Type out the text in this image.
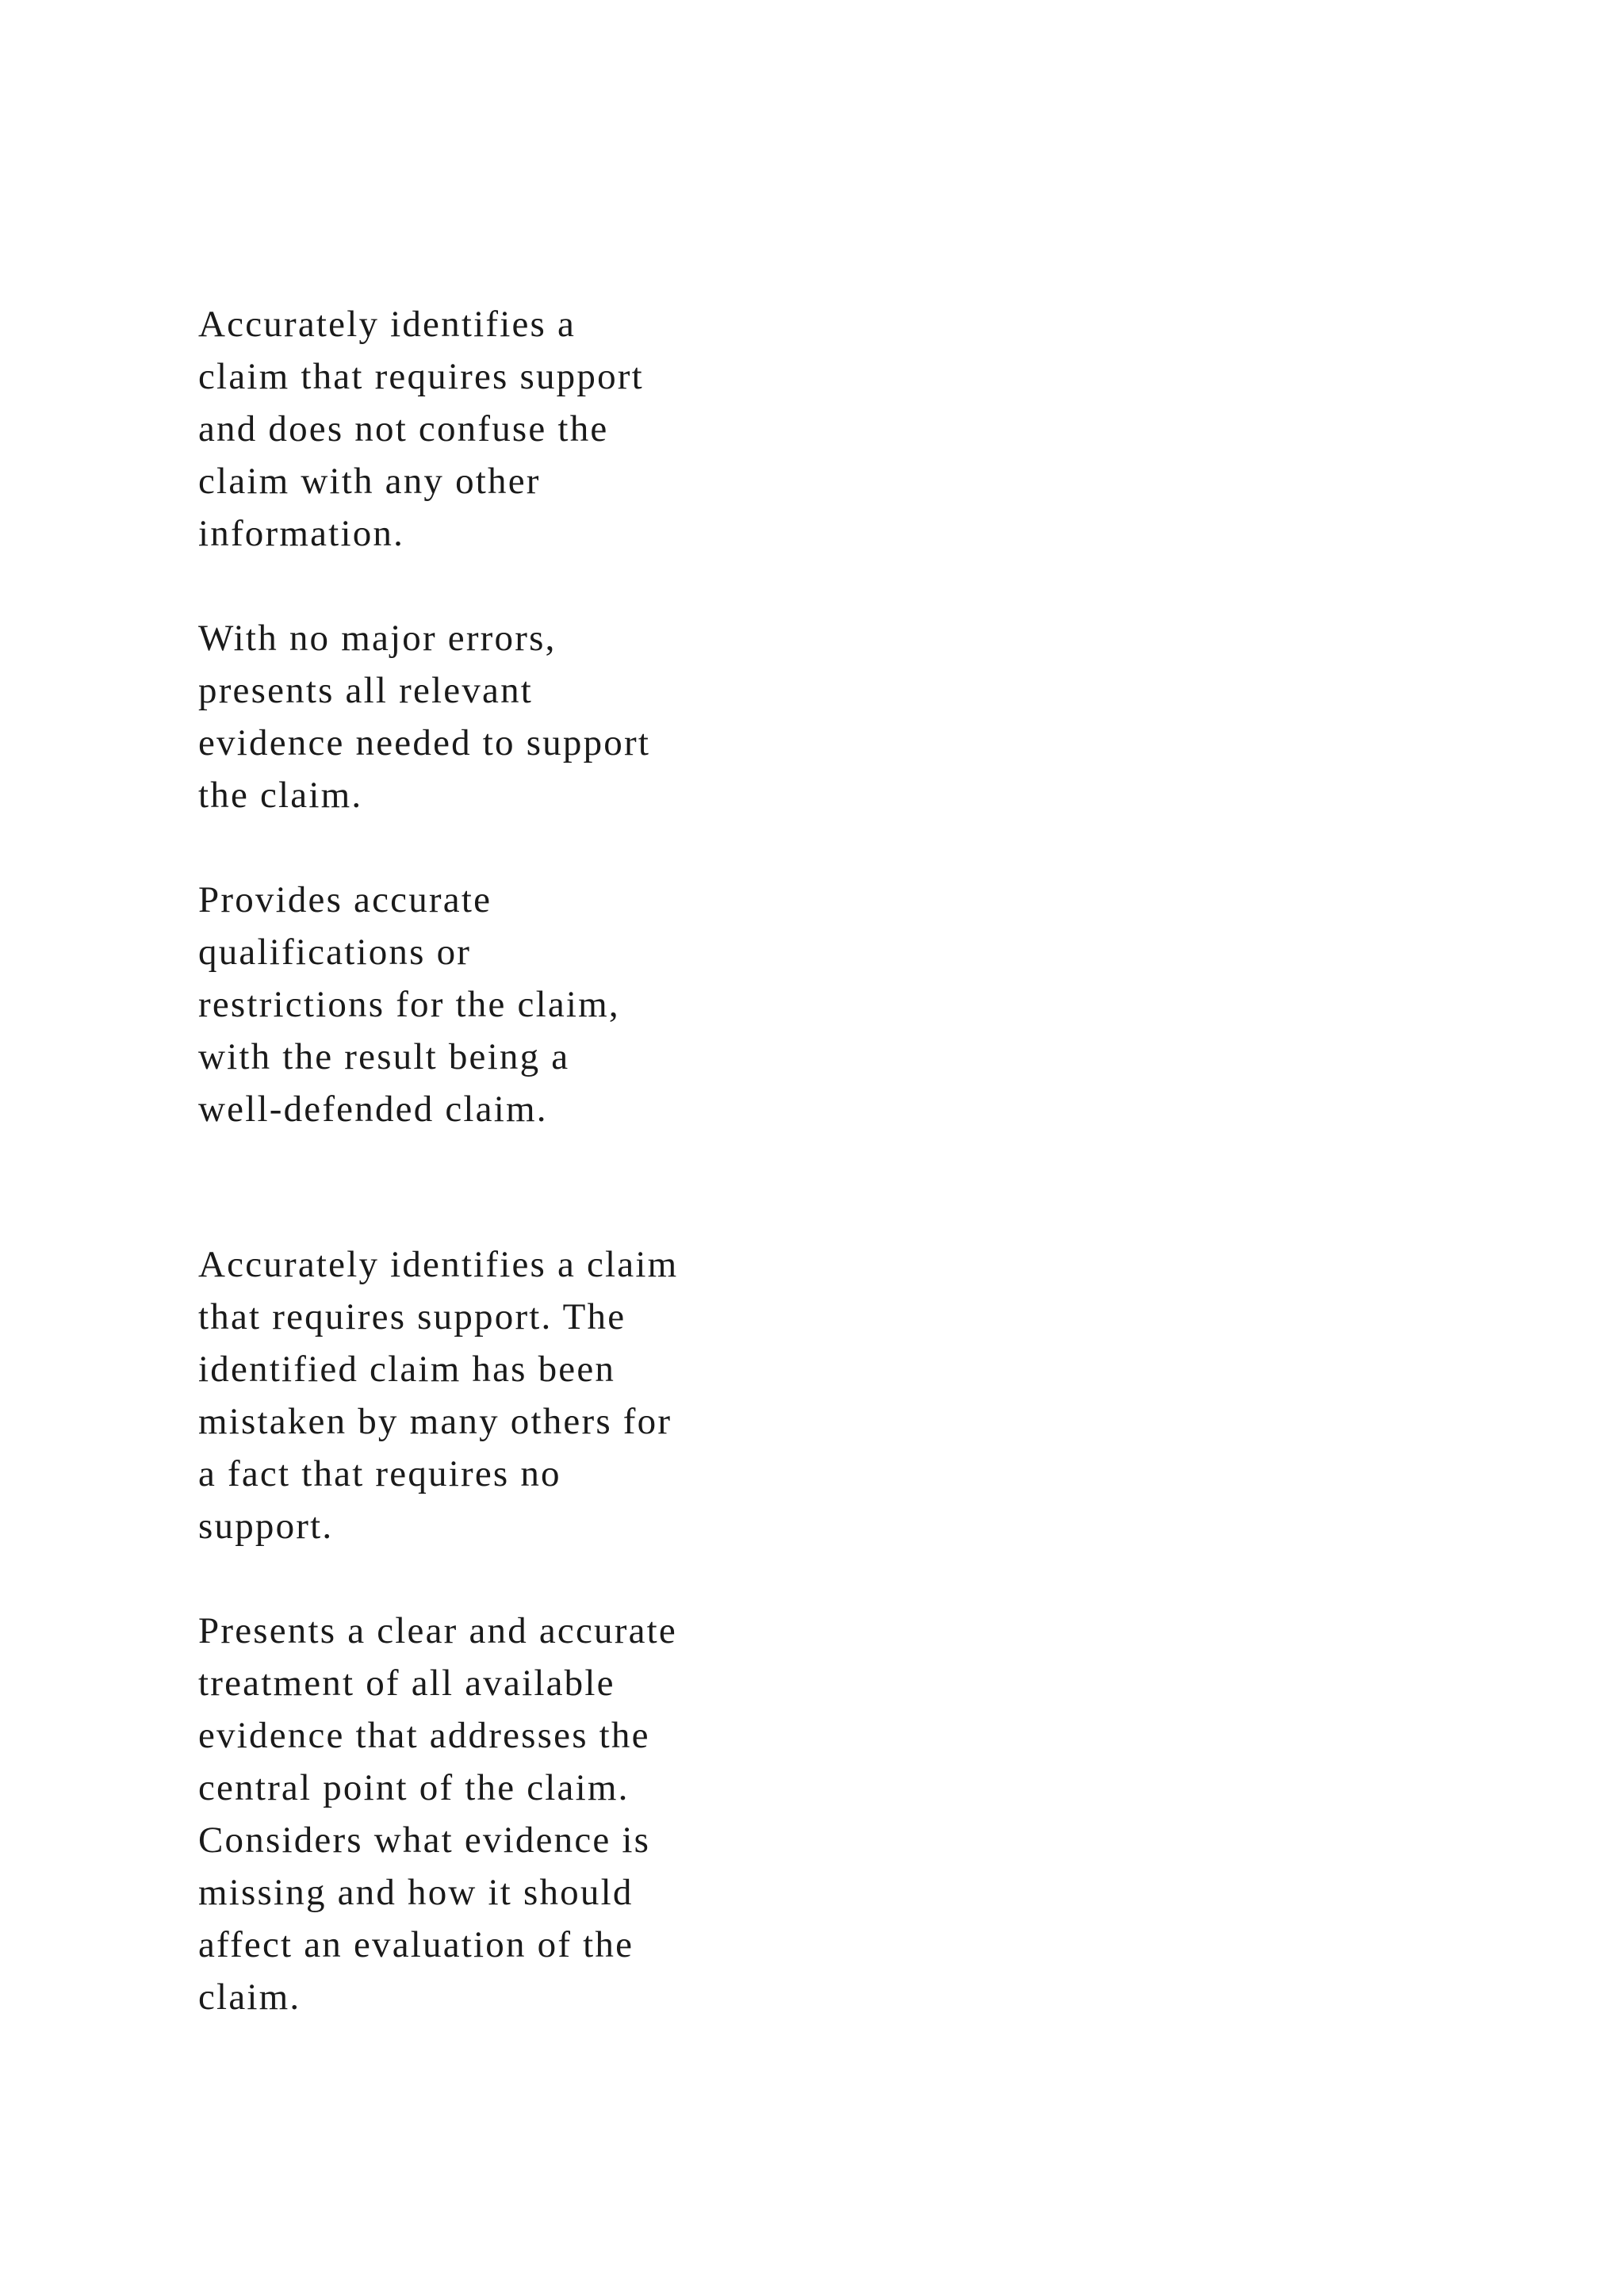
Accurately identifies a
claim that requires support
and does not confuse the
claim with any other
information.

With no major errors,
presents all relevant
evidence needed to support
the claim.

Provides accurate
qualifications or
restrictions for the claim,
with the result being a
well-defended claim.

Accurately identifies a claim
that requires support. The
identified claim has been
mistaken by many others for
a fact that requires no
support.

Presents a clear and accurate
treatment of all available
evidence that addresses the
central point of the claim.
Considers what evidence is
missing and how it should
affect an evaluation of the
claim.
